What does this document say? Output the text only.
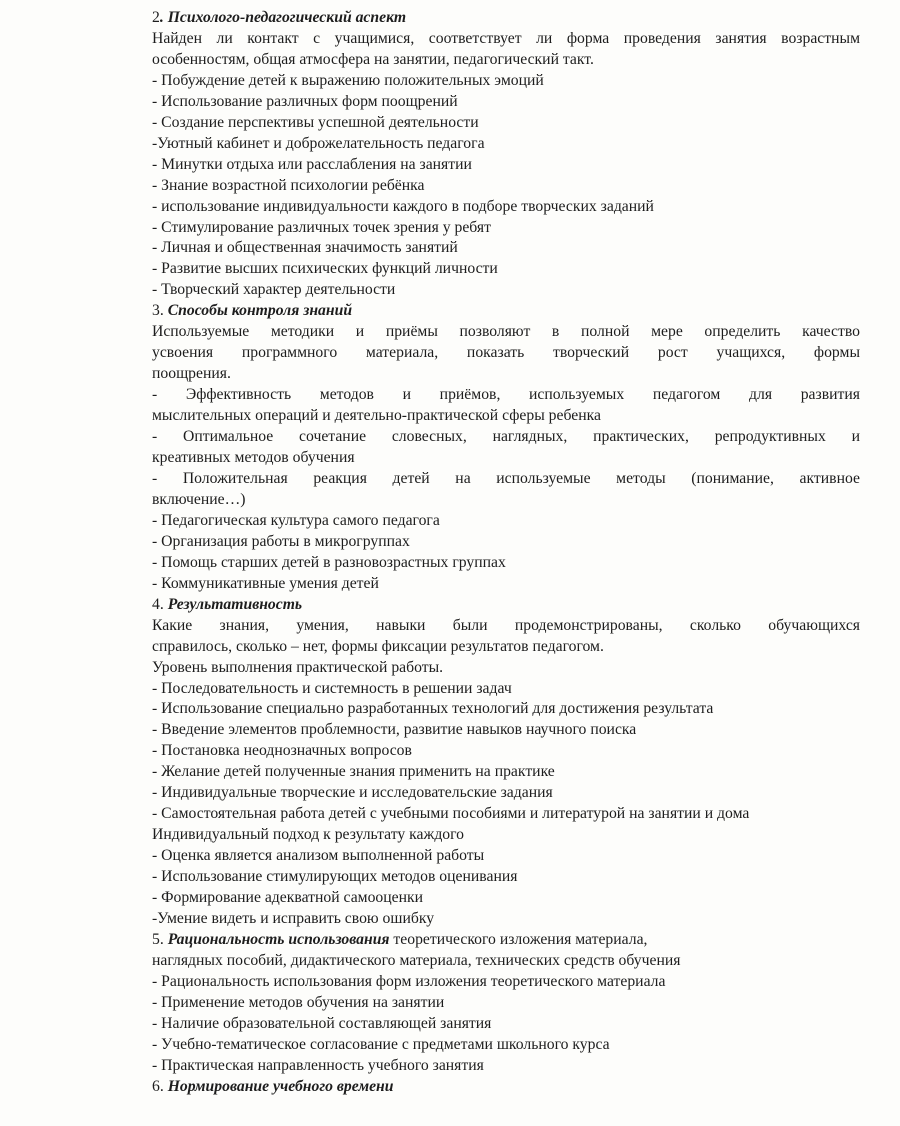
2. Психолого-педагогический аспект
Найден ли контакт с учащимися, соответствует ли форма проведения занятия возрастным
особенностям, общая атмосфера на занятии, педагогический такт.
- Побуждение детей к выражению положительных эмоций
- Использование различных форм поощрений
- Создание перспективы успешной деятельности
-Уютный кабинет и доброжелательность педагога
- Минутки отдыха или расслабления на занятии
- Знание возрастной психологии ребёнка
- использование индивидуальности каждого в подборе творческих заданий
- Стимулирование различных точек зрения у ребят
- Личная и общественная значимость занятий
- Развитие высших психических функций личности
- Творческий характер деятельности
3. Способы контроля знаний
Используемые методики и приёмы позволяют в полной мере определить качество
усвоения программного материала, показать творческий рост учащихся, формы
поощрения.
- Эффективность методов и приёмов, используемых педагогом для развития
мыслительных операций и деятельно-практической сферы ребенка
- Оптимальное сочетание словесных, наглядных, практических, репродуктивных и
креативных методов обучения
- Положительная реакция детей на используемые методы (понимание, активное
включение…)
- Педагогическая культура самого педагога
- Организация работы в микрогруппах
- Помощь старших детей в разновозрастных группах
- Коммуникативные умения детей
4. Результативность
Какие знания, умения, навыки были продемонстрированы, сколько обучающихся
справилось, сколько – нет, формы фиксации результатов педагогом.
Уровень выполнения практической работы.
- Последовательность и системность в решении задач
- Использование специально разработанных технологий для достижения результата
- Введение элементов проблемности, развитие навыков научного поиска
- Постановка неоднозначных вопросов
- Желание детей полученные знания применить на практике
- Индивидуальные творческие и исследовательские задания
- Самостоятельная работа детей с учебными пособиями и литературой на занятии и дома
Индивидуальный подход к результату каждого
- Оценка является анализом выполненной работы
- Использование стимулирующих методов оценивания
- Формирование адекватной самооценки
-Умение видеть и исправить свою ошибку
5. Рациональность использования теоретического изложения материала,
наглядных пособий, дидактического материала, технических средств обучения
- Рациональность использования форм изложения теоретического материала
- Применение методов обучения на занятии
- Наличие образовательной составляющей занятия
- Учебно-тематическое согласование с предметами школьного курса
- Практическая направленность учебного занятия
6. Нормирование учебного времени
